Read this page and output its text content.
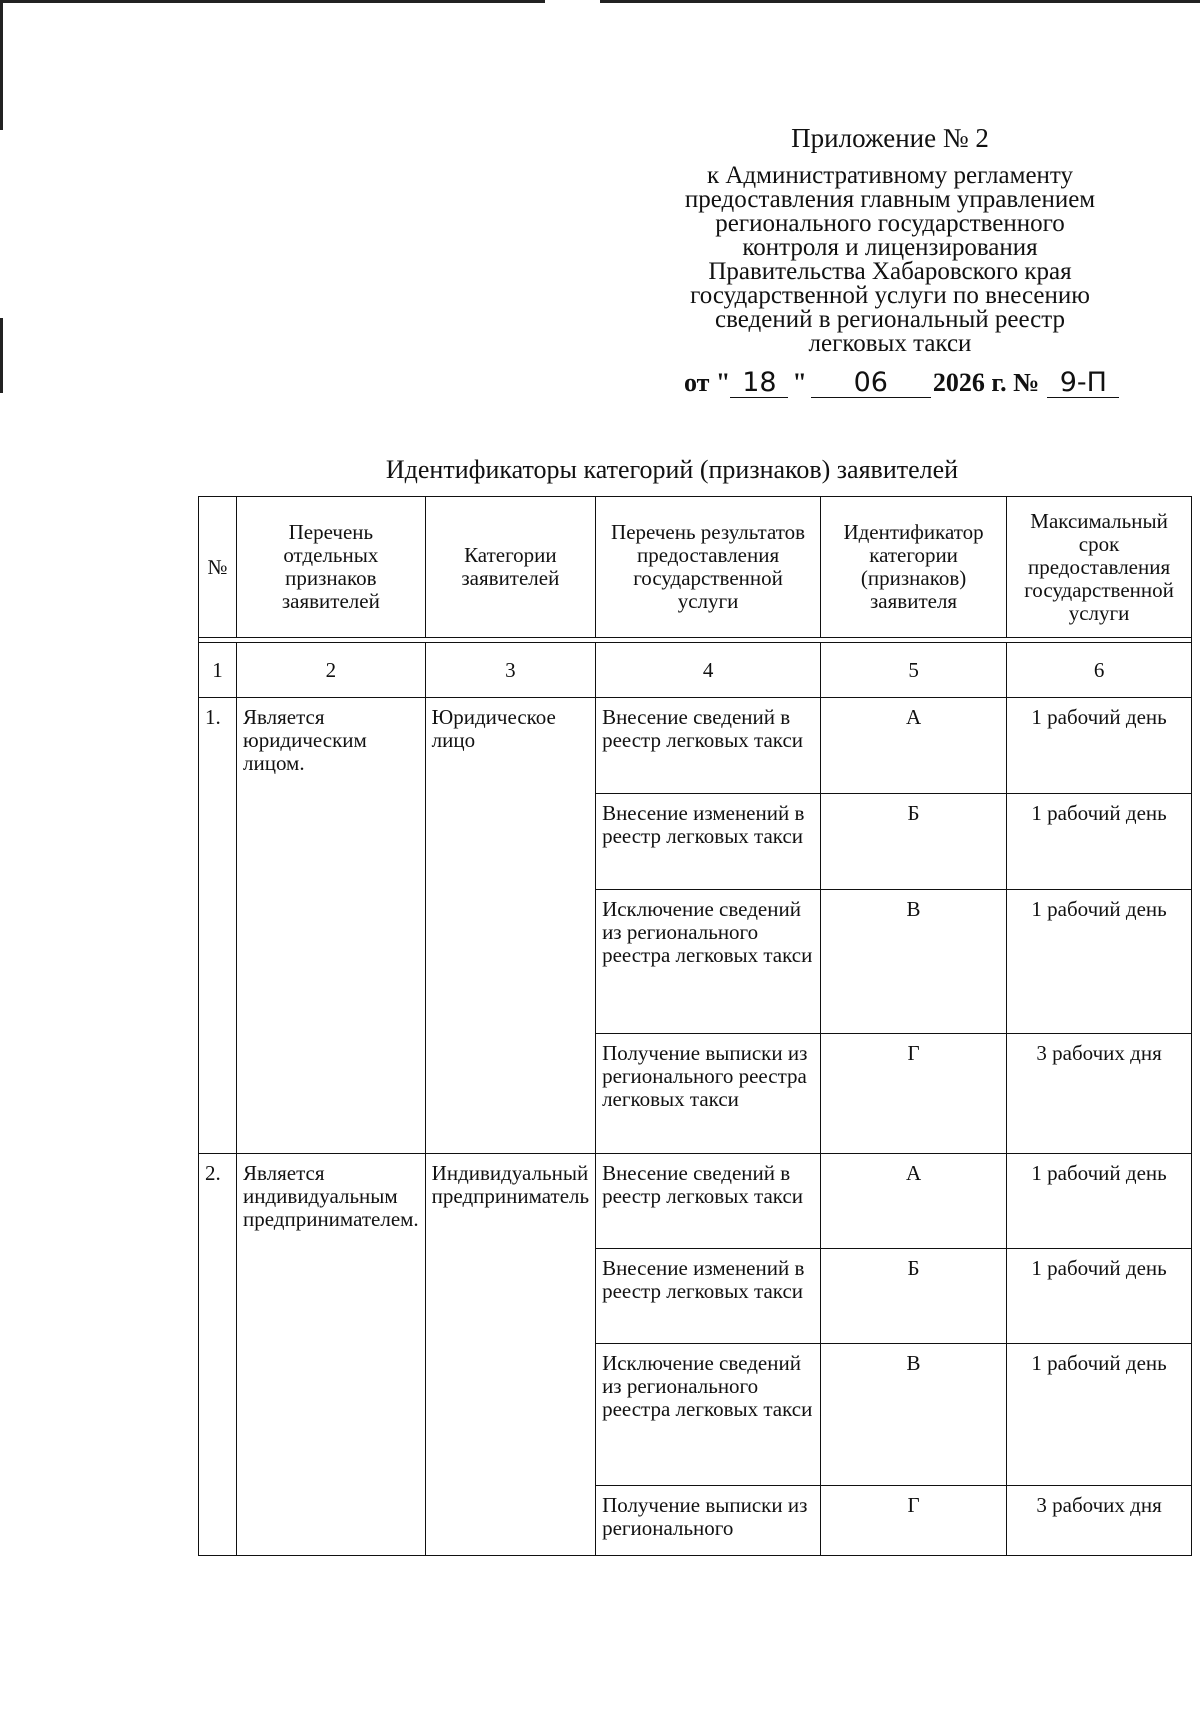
Приложение № 2
к Административному регламенту
предоставления главным управлением
регионального государственного
контроля и лицензирования
Правительства Хабаровского края
государственной услуги по внесению
сведений в региональный реестр
легковых такси
от " 18 " 06 2026 г. № 9-П
Идентификаторы категорий (признаков) заявителей
№	Перечень отдельных признаков заявителей	Категории заявителей	Перечень результатов предоставления государственной услуги	Идентификатор категории (признаков) заявителя	Максимальный срок предоставления государственной услуги

1	2	3	4	5	6
1.	Является юридическим лицом.	Юридическое лицо	Внесение сведений в реестр легковых такси	А	1 рабочий день
			Внесение изменений в реестр легковых такси	Б	1 рабочий день
			Исключение сведений из регионального реестра легковых такси	В	1 рабочий день
			Получение выписки из регионального реестра легковых такси	Г	3 рабочих дня
2.	Является индивидуальным предпринимателем.	Индивидуальный предприниматель	Внесение сведений в реестр легковых такси	А	1 рабочий день
			Внесение изменений в реестр легковых такси	Б	1 рабочий день
			Исключение сведений из регионального реестра легковых такси	В	1 рабочий день
			Получение выписки из регионального	Г	3 рабочих дня
